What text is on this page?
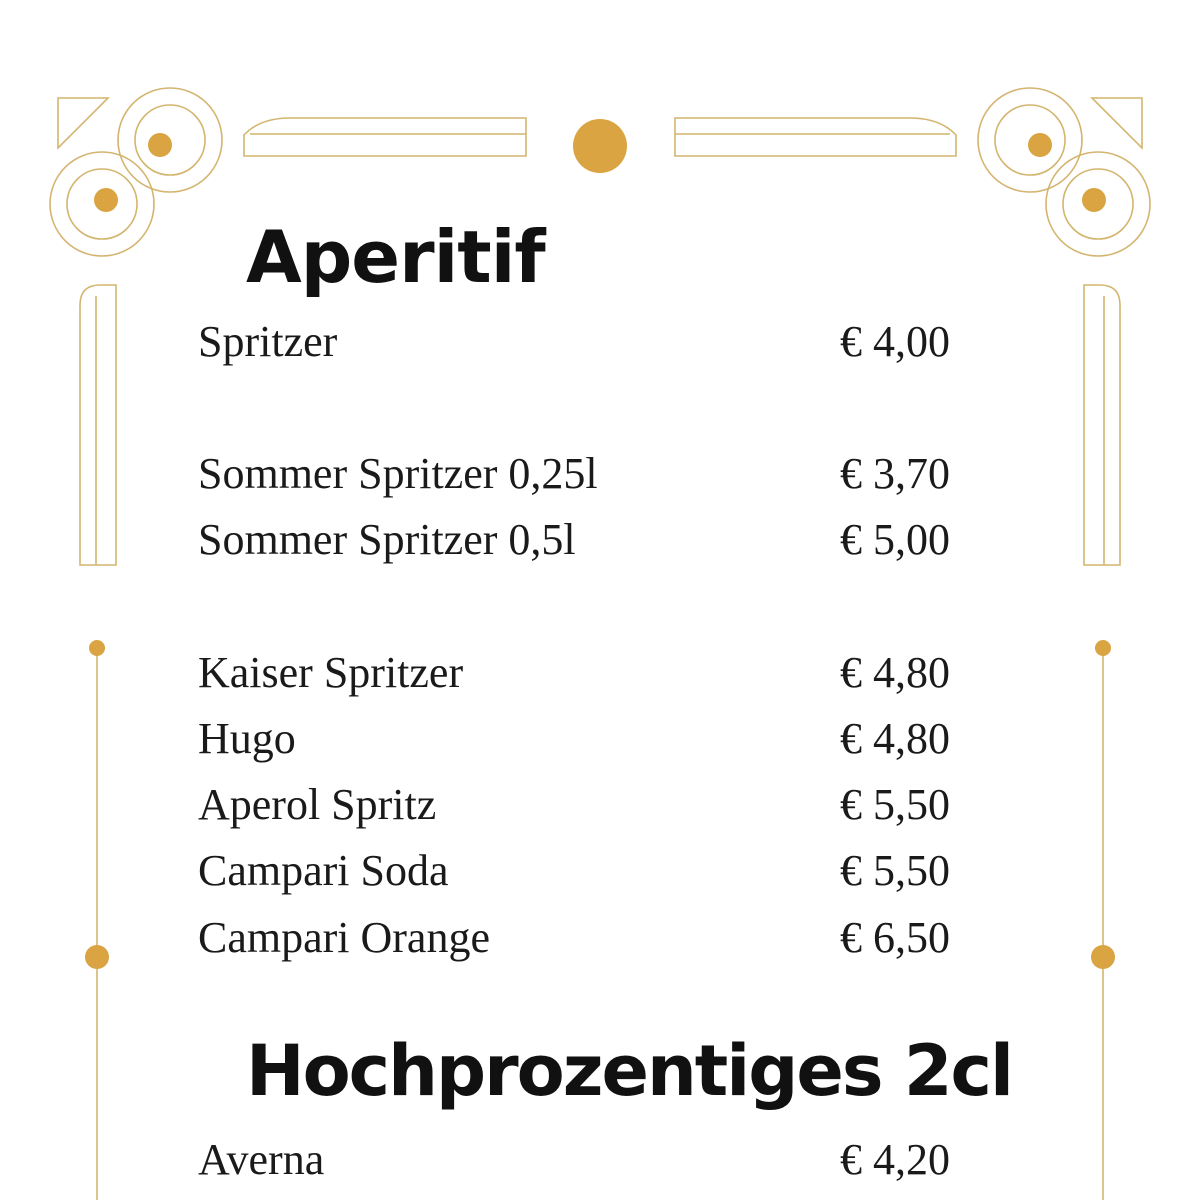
Aperitif
Spritzer	€ 4,00
Sommer Spritzer 0,25l	€ 3,70
Sommer Spritzer 0,5l	€ 5,00
Kaiser Spritzer	€ 4,80
Hugo	€ 4,80
Aperol Spritz	€ 5,50
Campari Soda	€ 5,50
Campari Orange	€ 6,50
Hochprozentiges 2cl
Averna	€ 4,20
